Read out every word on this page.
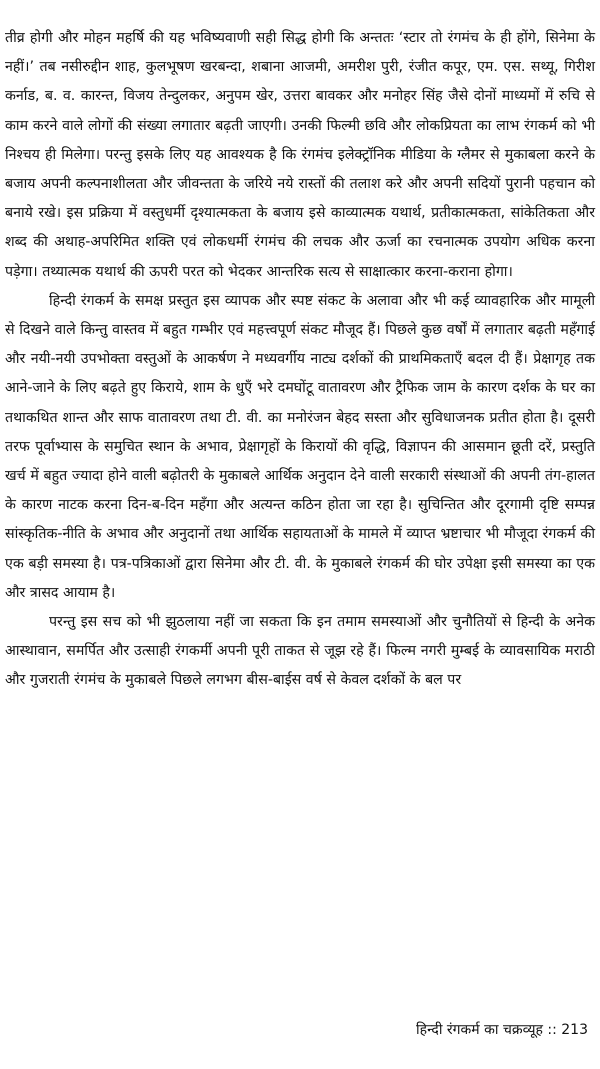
तीव्र होगी और मोहन महर्षि की यह भविष्यवाणी सही सिद्ध होगी कि अन्ततः ‘स्टार तो रंगमंच के ही होंगे, सिनेमा के नहीं।’ तब नसीरुद्दीन शाह, कुलभूषण खरबन्दा, शबाना आजमी, अमरीश पुरी, रंजीत कपूर, एम. एस. सथ्यू, गिरीश कर्नाड, ब. व. कारन्त, विजय तेन्दुलकर, अनुपम खेर, उत्तरा बावकर और मनोहर सिंह जैसे दोनों माध्यमों में रुचि से काम करने वाले लोगों की संख्या लगातार बढ़ती जाएगी। उनकी फिल्मी छवि और लोकप्रियता का लाभ रंगकर्म को भी निश्चय ही मिलेगा। परन्तु इसके लिए यह आवश्यक है कि रंगमंच इलेक्ट्रॉनिक मीडिया के ग्लैमर से मुकाबला करने के बजाय अपनी कल्पनाशीलता और जीवन्तता के जरिये नये रास्तों की तलाश करे और अपनी सदियों पुरानी पहचान को बनाये रखे। इस प्रक्रिया में वस्तुधर्मी दृश्यात्मकता के बजाय इसे काव्यात्मक यथार्थ, प्रतीकात्मकता, सांकेतिकता और शब्द की अथाह-अपरिमित शक्ति एवं लोकधर्मी रंगमंच की लचक और ऊर्जा का रचनात्मक उपयोग अधिक करना पड़ेगा। तथ्यात्मक यथार्थ की ऊपरी परत को भेदकर आन्तरिक सत्य से साक्षात्कार करना-कराना होगा।

हिन्दी रंगकर्म के समक्ष प्रस्तुत इस व्यापक और स्पष्ट संकट के अलावा और भी कई व्यावहारिक और मामूली से दिखने वाले किन्तु वास्तव में बहुत गम्भीर एवं महत्त्वपूर्ण संकट मौजूद हैं। पिछले कुछ वर्षों में लगातार बढ़ती महँगाई और नयी-नयी उपभोक्ता वस्तुओं के आकर्षण ने मध्यवर्गीय नाट्य दर्शकों की प्राथमिकताएँ बदल दी हैं। प्रेक्षागृह तक आने-जाने के लिए बढ़ते हुए किराये, शाम के धुएँ भरे दमघोंटू वातावरण और ट्रैफिक जाम के कारण दर्शक के घर का तथाकथित शान्त और साफ वातावरण तथा टी. वी. का मनोरंजन बेहद सस्ता और सुविधाजनक प्रतीत होता है। दूसरी तरफ पूर्वाभ्यास के समुचित स्थान के अभाव, प्रेक्षागृहों के किरायों की वृद्धि, विज्ञापन की आसमान छूती दरें, प्रस्तुति खर्च में बहुत ज्यादा होने वाली बढ़ोतरी के मुकाबले आर्थिक अनुदान देने वाली सरकारी संस्थाओं की अपनी तंग-हालत के कारण नाटक करना दिन-ब-दिन महँगा और अत्यन्त कठिन होता जा रहा है। सुचिन्तित और दूरगामी दृष्टि सम्पन्न सांस्कृतिक-नीति के अभाव और अनुदानों तथा आर्थिक सहायताओं के मामले में व्याप्त भ्रष्टाचार भी मौजूदा रंगकर्म की एक बड़ी समस्या है। पत्र-पत्रिकाओं द्वारा सिनेमा और टी. वी. के मुकाबले रंगकर्म की घोर उपेक्षा इसी समस्या का एक और त्रासद आयाम है।

परन्तु इस सच को भी झुठलाया नहीं जा सकता कि इन तमाम समस्याओं और चुनौतियों से हिन्दी के अनेक आस्थावान, समर्पित और उत्साही रंगकर्मी अपनी पूरी ताकत से जूझ रहे हैं। फिल्म नगरी मुम्बई के व्यावसायिक मराठी और गुजराती रंगमंच के मुकाबले पिछले लगभग बीस-बाईस वर्ष से केवल दर्शकों के बल पर

हिन्दी रंगकर्म का चक्रव्यूह :: 213
